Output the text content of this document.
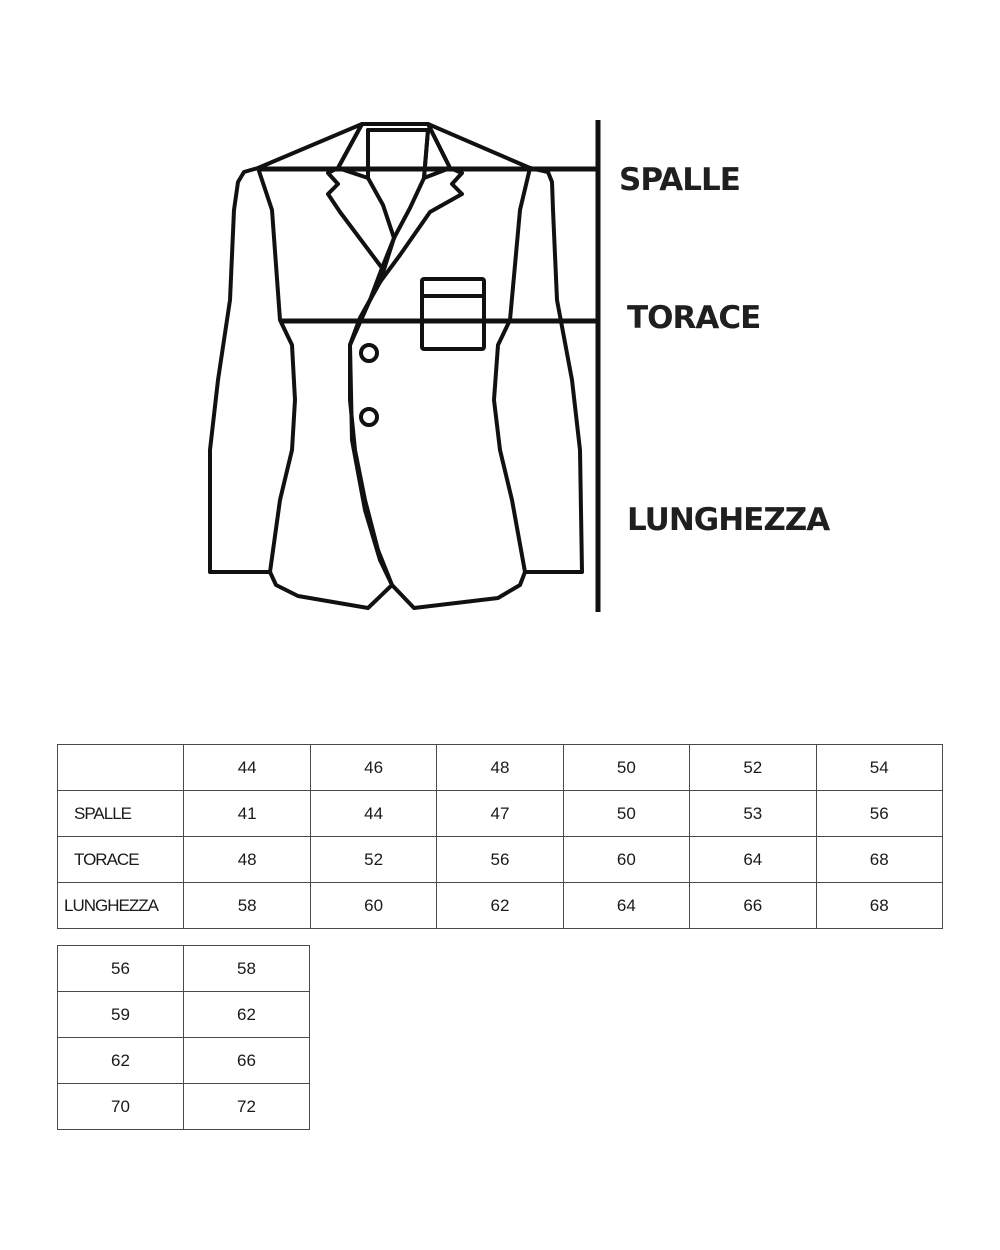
SPALLE
TORACE
LUNGHEZZA
	44	46	48	50	52	54
SPALLE	41	44	47	50	53	56
TORACE	48	52	56	60	64	68
LUNGHEZZA	58	60	62	64	66	68
56	58
59	62
62	66
70	72
